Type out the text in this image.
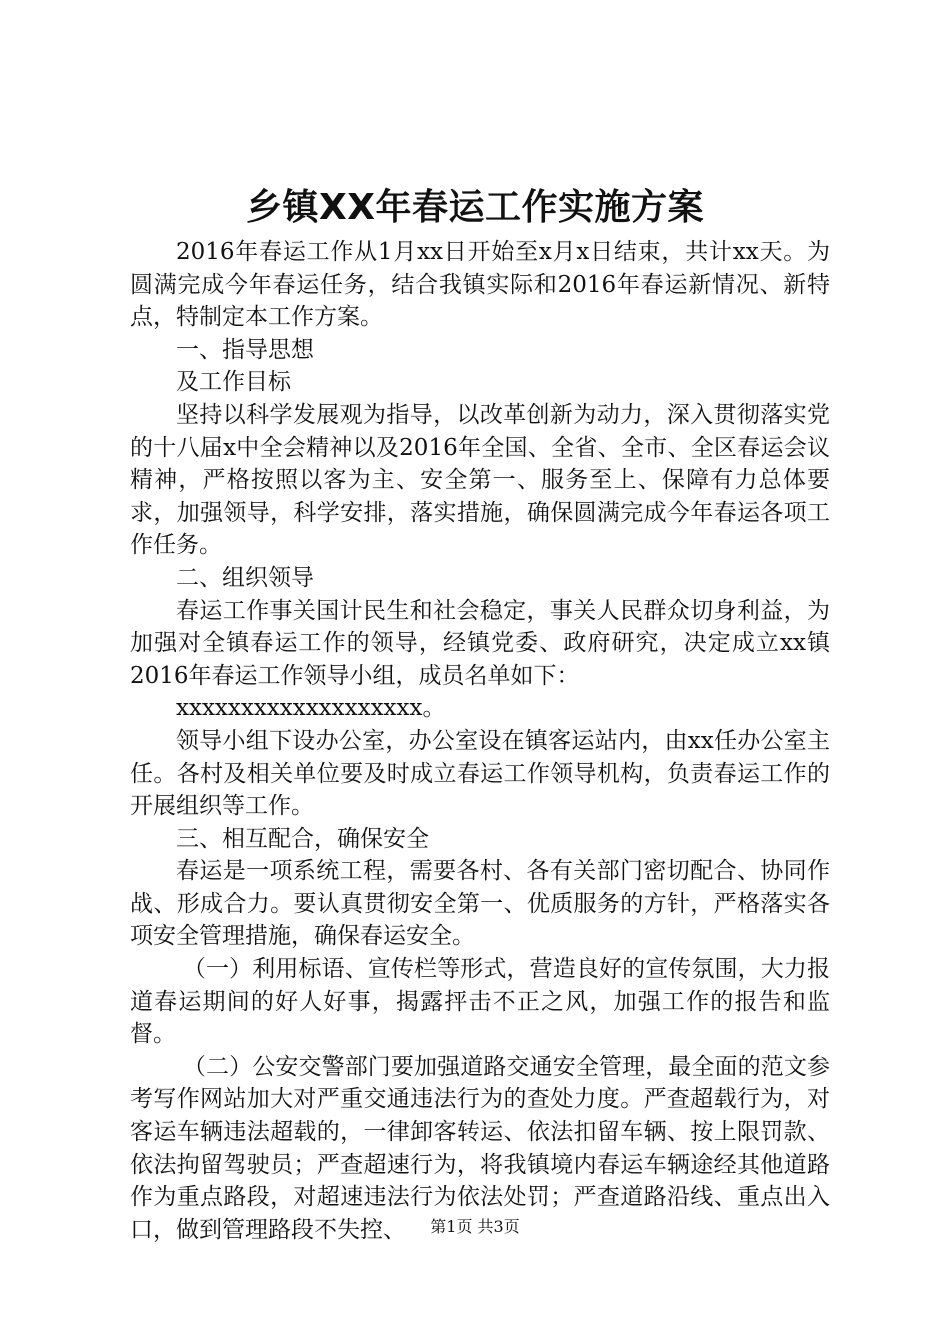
乡镇XX年春运工作实施方案

2016年春运工作从1月xx日开始至x月x日结束，共计xx天。为圆满完成今年春运任务，结合我镇实际和2016年春运新情况、新特点，特制定本工作方案。

一、指导思想

及工作目标

坚持以科学发展观为指导，以改革创新为动力，深入贯彻落实党的十八届x中全会精神以及2016年全国、全省、全市、全区春运会议精神，严格按照以客为主、安全第一、服务至上、保障有力总体要求，加强领导，科学安排，落实措施，确保圆满完成今年春运各项工作任务。

二、组织领导

春运工作事关国计民生和社会稳定，事关人民群众切身利益，为加强对全镇春运工作的领导，经镇党委、政府研究，决定成立xx镇2016年春运工作领导小组，成员名单如下：

xxxxxxxxxxxxxxxxxxx。

领导小组下设办公室，办公室设在镇客运站内，由xx任办公室主任。各村及相关单位要及时成立春运工作领导机构，负责春运工作的开展组织等工作。

三、相互配合，确保安全

春运是一项系统工程，需要各村、各有关部门密切配合、协同作战、形成合力。要认真贯彻安全第一、优质服务的方针，严格落实各项安全管理措施，确保春运安全。

（一）利用标语、宣传栏等形式，营造良好的宣传氛围，大力报道春运期间的好人好事，揭露抨击不正之风，加强工作的报告和监督。

（二）公安交警部门要加强道路交通安全管理，最全面的范文参考写作网站加大对严重交通违法行为的查处力度。严查超载行为，对客运车辆违法超载的，一律卸客转运、依法扣留车辆、按上限罚款、依法拘留驾驶员；严查超速行为，将我镇境内春运车辆途经其他道路作为重点路段，对超速违法行为依法处罚；严查道路沿线、重点出入口，做到管理路段不失控、	第1页 共3页
